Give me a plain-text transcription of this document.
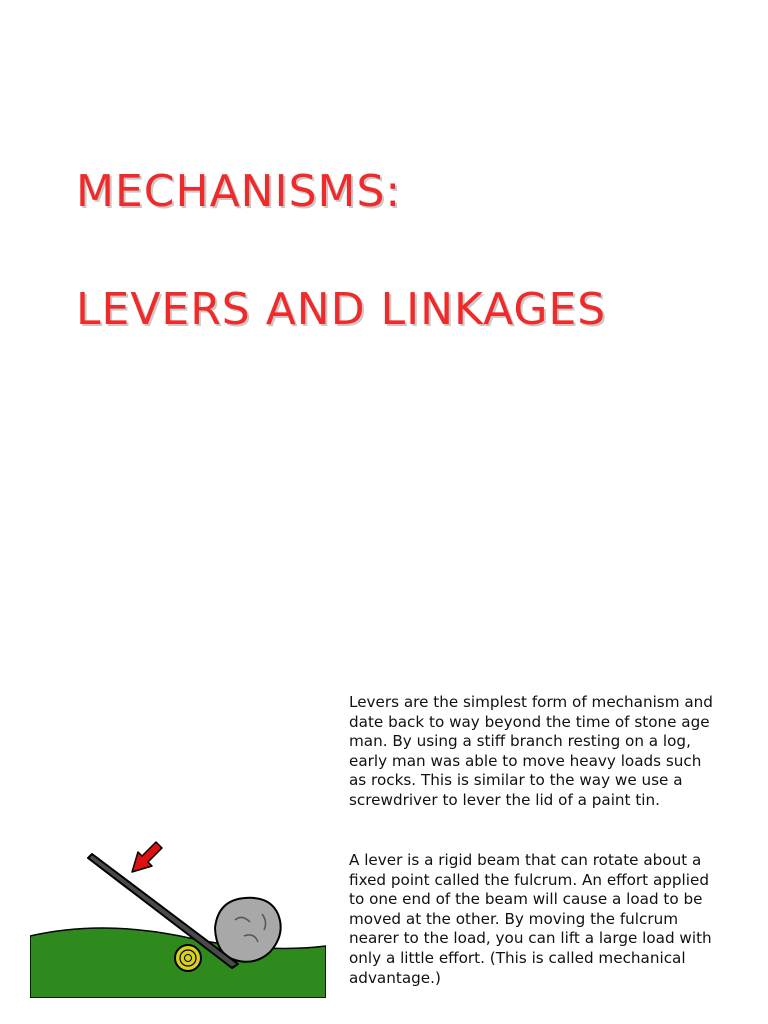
MECHANISMS:
LEVERS AND LINKAGES

Levers are the simplest form of mechanism and date back to way beyond the time of stone age man. By using a stiff branch resting on a log, early man was able to move heavy loads such as rocks. This is similar to the way we use a screwdriver to lever the lid of a paint tin.

A lever is a rigid beam that can rotate about a fixed point called the fulcrum. An effort applied to one end of the beam will cause a load to be moved at the other. By moving the fulcrum nearer to the load, you can lift a large load with only a little effort. (This is called mechanical advantage.)
